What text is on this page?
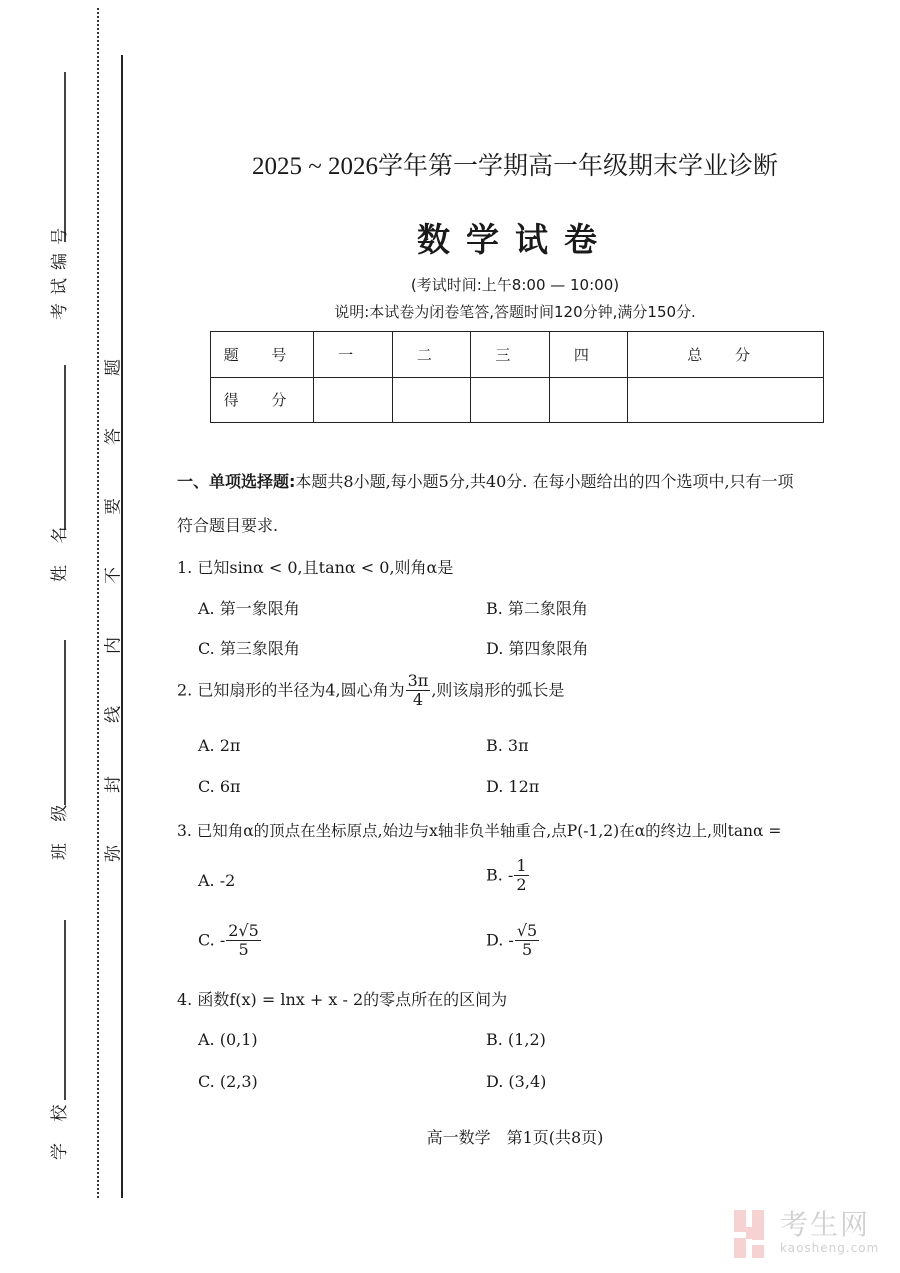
考试编号
姓 名
班 级
学 校
题
答
要
不
内
线
封
弥
2025 ~ 2026学年第一学期高一年级期末学业诊断
数学试卷
(考试时间:上午8:00 — 10:00)
说明:本试卷为闭卷笔答,答题时间120分钟,满分150分.
题 号	一	二	三	四	总 分
得 分					
一、单项选择题:本题共8小题,每小题5分,共40分. 在每小题给出的四个选项中,只有一项
符合题目要求.
1. 已知sinα < 0,且tanα < 0,则角α是
A. 第一象限角	B. 第二象限角
C. 第三象限角	D. 第四象限角
2. 已知扇形的半径为4,圆心角为 $\frac{3\pi}{4}$ ,则该扇形的弧长是
A. 2π	B. 3π
C. 6π	D. 12π
3. 已知角α的顶点在坐标原点,始边与x轴非负半轴重合,点P(-1,2)在α的终边上,则tanα =
A. -2	B. - $\frac{1}{2}$
C. - $\frac{2√5}{5}$	D. - $\frac{√5}{5}$
4. 函数f(x) = lnx + x - 2的零点所在的区间为
A. (0,1)	B. (1,2)
C. (2,3)	D. (3,4)
高一数学　第1页(共8页)
考生网
kaosheng.com
